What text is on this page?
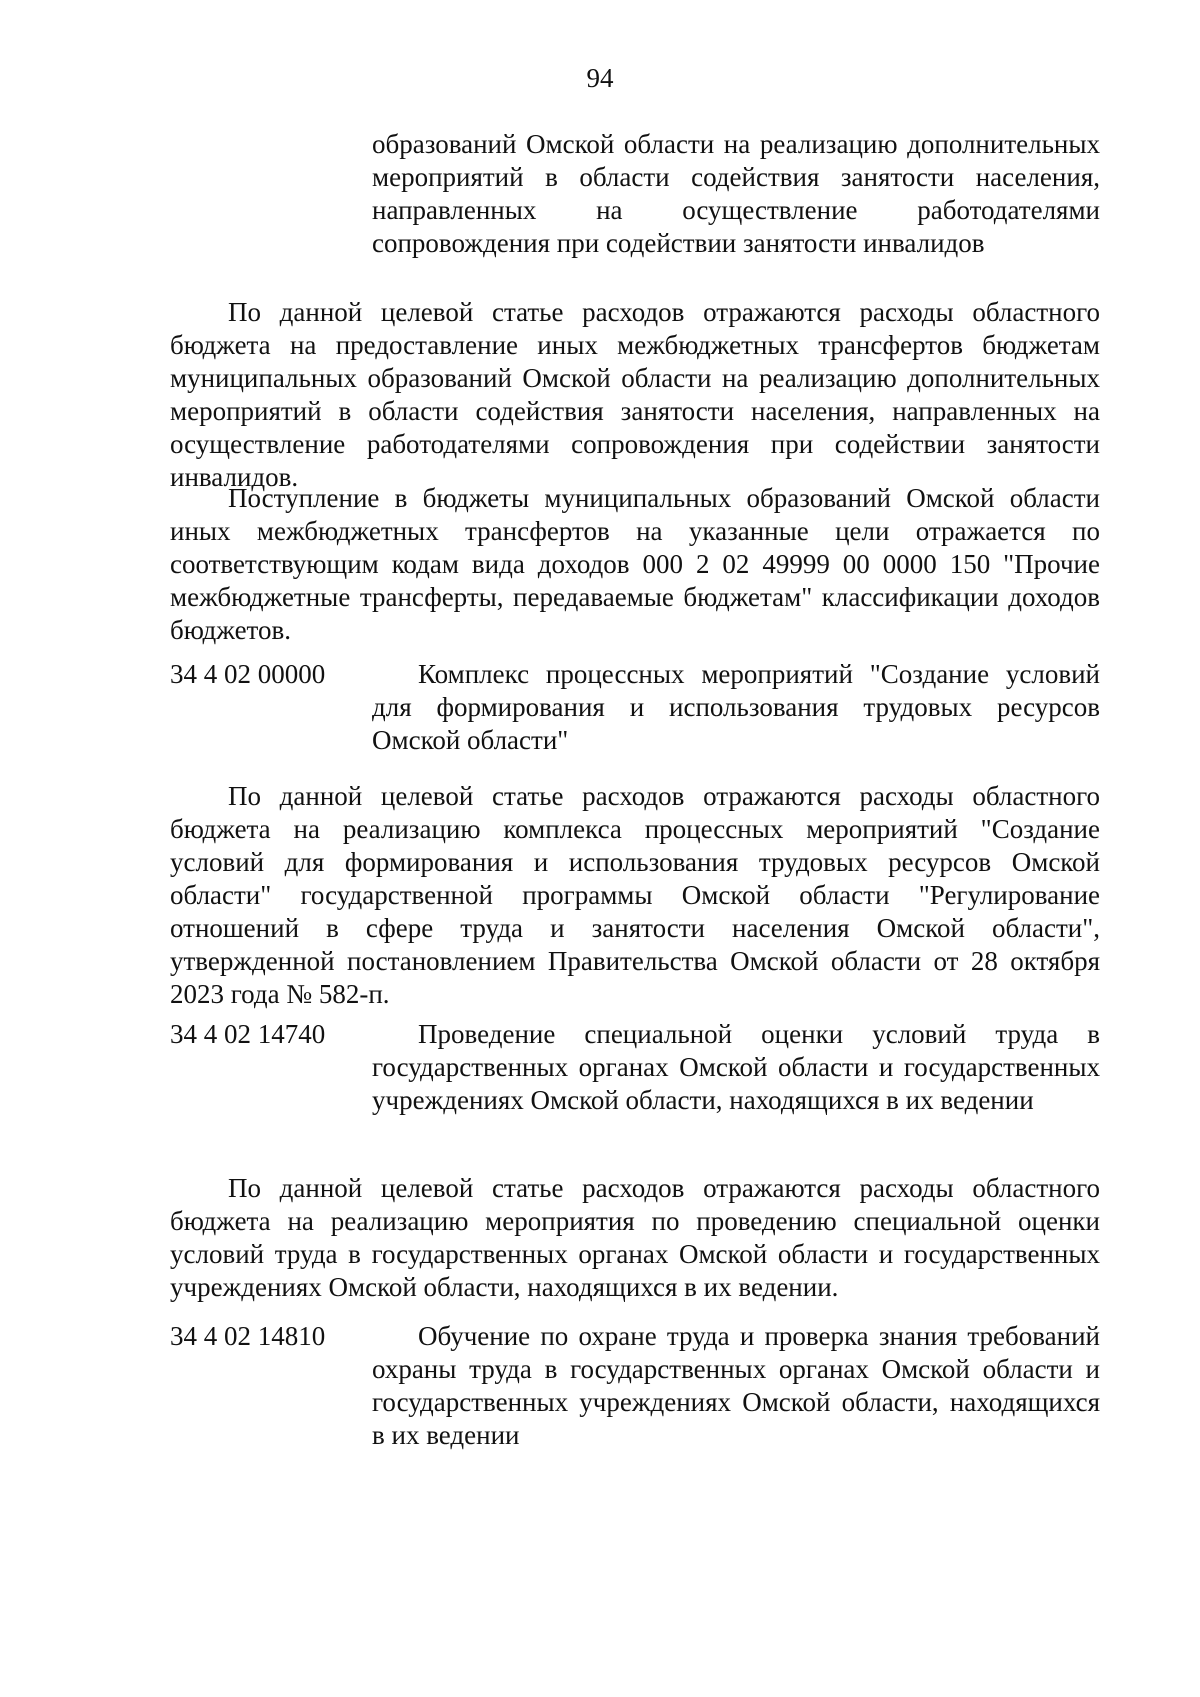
94
образований Омской области на реализацию дополнительных мероприятий в области содействия занятости населения, направленных на осуществление работодателями сопровождения при содействии занятости инвалидов
По данной целевой статье расходов отражаются расходы областного бюджета на предоставление иных межбюджетных трансфертов бюджетам муниципальных образований Омской области на реализацию дополнительных мероприятий в области содействия занятости населения, направленных на осуществление работодателями сопровождения при содействии занятости инвалидов.
Поступление в бюджеты муниципальных образований Омской области иных межбюджетных трансфертов на указанные цели отражается по соответствующим кодам вида доходов 000 2 02 49999 00 0000 150 "Прочие межбюджетные трансферты, передаваемые бюджетам" классификации доходов бюджетов.
34 4 02 00000	Комплекс процессных мероприятий "Создание условий для формирования и использования трудовых ресурсов Омской области"
По данной целевой статье расходов отражаются расходы областного бюджета на реализацию комплекса процессных мероприятий "Создание условий для формирования и использования трудовых ресурсов Омской области" государственной программы Омской области "Регулирование отношений в сфере труда и занятости населения Омской области", утвержденной постановлением Правительства Омской области от 28 октября 2023 года № 582-п.
34 4 02 14740	Проведение специальной оценки условий труда в государственных органах Омской области и государственных учреждениях Омской области, находящихся в их ведении
По данной целевой статье расходов отражаются расходы областного бюджета на реализацию мероприятия по проведению специальной оценки условий труда в государственных органах Омской области и государственных учреждениях Омской области, находящихся в их ведении.
34 4 02 14810	Обучение по охране труда и проверка знания требований охраны труда в государственных органах Омской области и государственных учреждениях Омской области, находящихся в их ведении
